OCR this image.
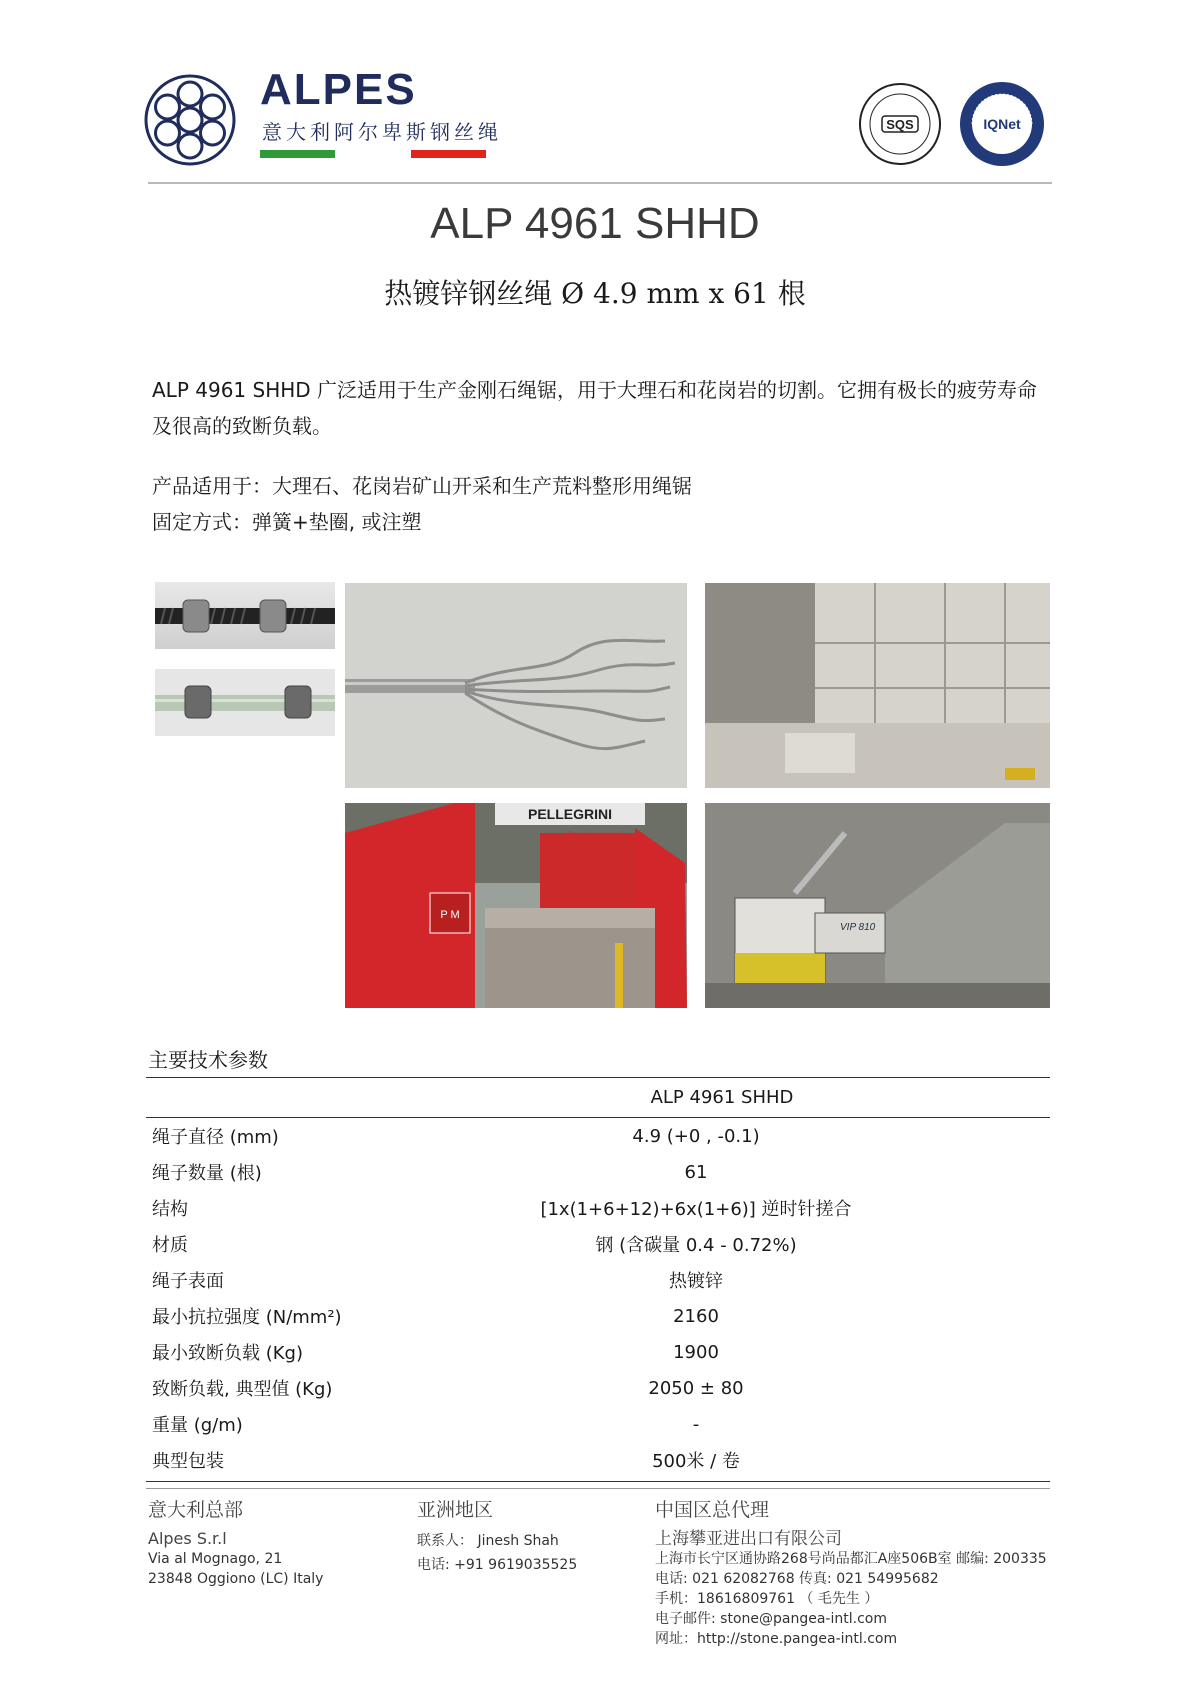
ALPES
意大利阿尔卑斯钢丝绳	SQS	IQNet
ALP 4961 SHHD
热镀锌钢丝绳 Ø 4.9 mm x 61 根
ALP 4961 SHHD 广泛适用于生产金刚石绳锯，用于大理石和花岗岩的切割。它拥有极长的疲劳寿命及很高的致断负载。
产品适用于：大理石、花岗岩矿山开采和生产荒料整形用绳锯
固定方式：弹簧+垫圈, 或注塑
PELLEGRINI
P M
VIP 810
主要技术参数
ALP 4961 SHHD
绳子直径 (mm)	4.9 (+0 , -0.1)
绳子数量 (根)	61
结构	[1x(1+6+12)+6x(1+6)] 逆时针搓合
材质	钢 (含碳量 0.4 - 0.72%)
绳子表面	热镀锌
最小抗拉强度 (N/mm²)	2160
最小致断负载 (Kg)	1900
致断负载, 典型值 (Kg)	2050 ± 80
重量 (g/m)	-
典型包装	500米 / 卷
意大利总部
Alpes S.r.l
Via al Mognago, 21
23848 Oggiono (LC) Italy
亚洲地区
联系人： Jinesh Shah
电话: +91 9619035525
中国区总代理
上海攀亚进出口有限公司
上海市长宁区通协路268号尚品都汇A座506B室 邮编: 200335
电话: 021 62082768 传真: 021 54995682
手机：18616809761 （ 毛先生 ）
电子邮件: stone@pangea-intl.com
网址：http://stone.pangea-intl.com
